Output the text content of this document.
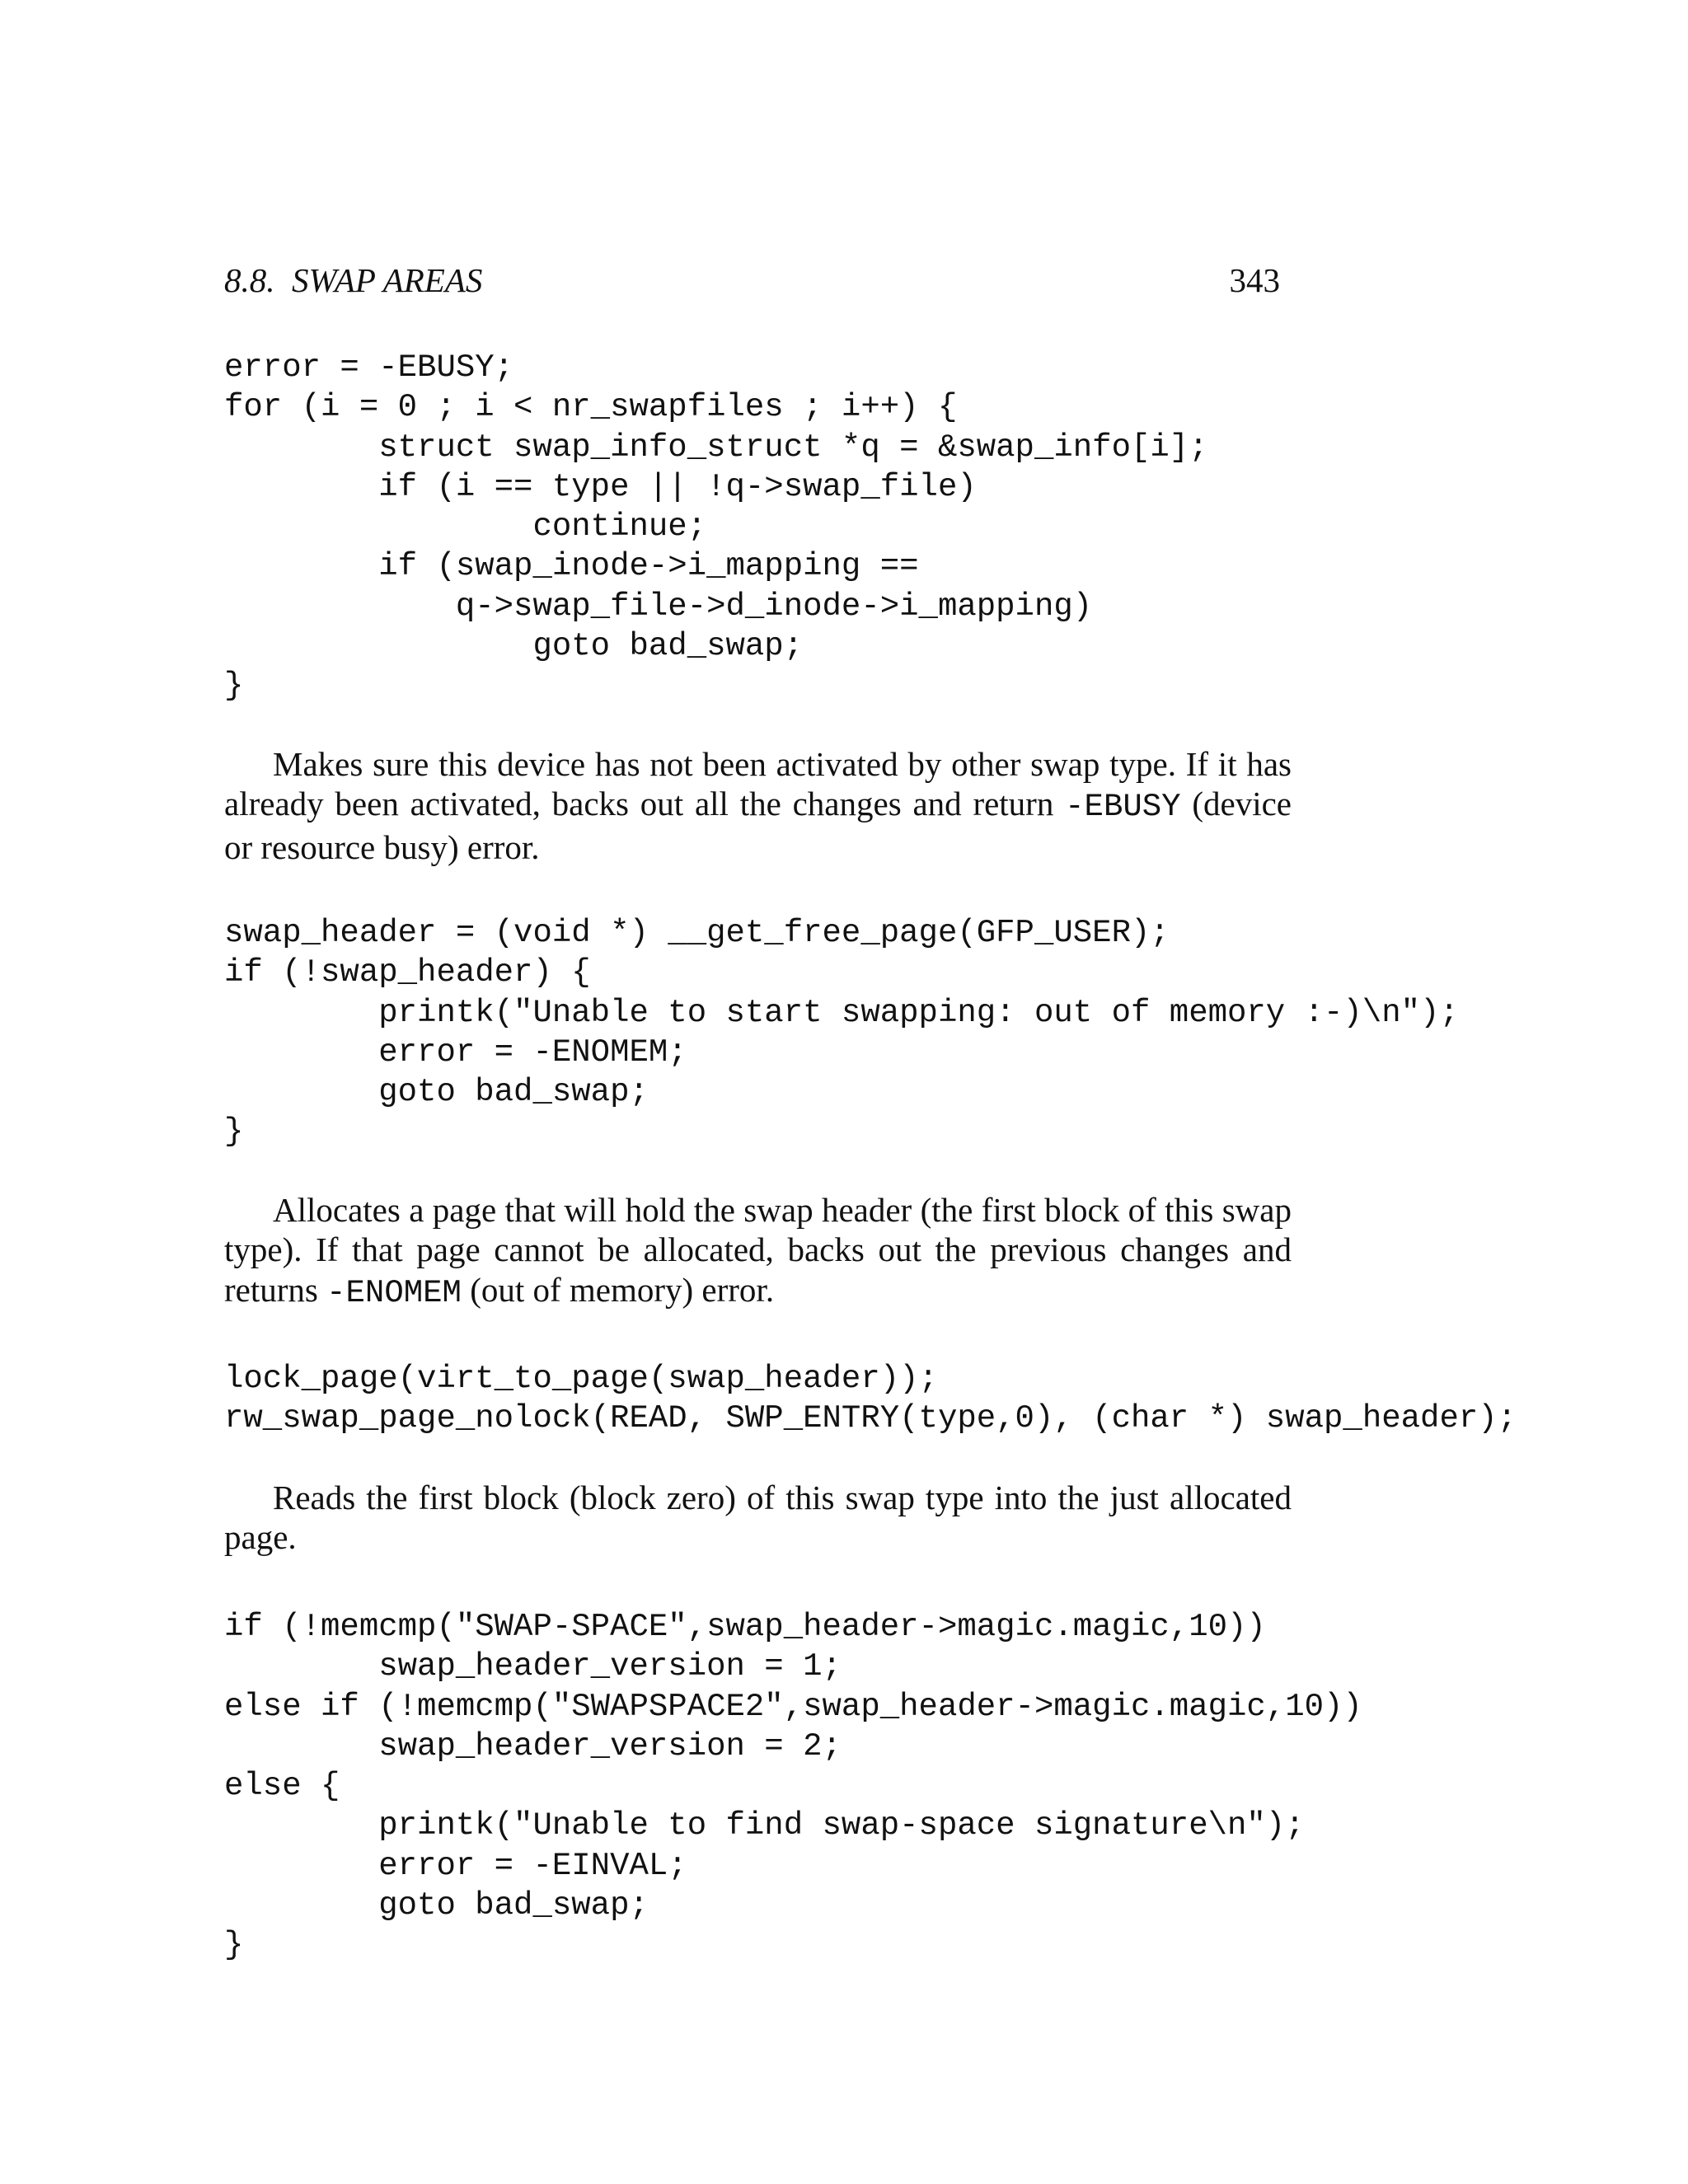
8.8.  SWAP AREAS	343
error = -EBUSY;
for (i = 0 ; i < nr_swapfiles ; i++) {
struct swap_info_struct *q = &swap_info[i];
if (i == type || !q->swap_file)
continue;
if (swap_inode->i_mapping ==
q->swap_file->d_inode->i_mapping)
goto bad_swap;
}

Makes sure this device has not been activated by other swap type. If it has already been activated, backs out all the changes and return -EBUSY (device or resource busy) error.

swap_header = (void *) __get_free_page(GFP_USER);
if (!swap_header) {
printk("Unable to start swapping: out of memory :-)\n");
error = -ENOMEM;
goto bad_swap;
}

Allocates a page that will hold the swap header (the first block of this swap type). If that page cannot be allocated, backs out the previous changes and returns -ENOMEM (out of memory) error.

lock_page(virt_to_page(swap_header));
rw_swap_page_nolock(READ, SWP_ENTRY(type,0), (char *) swap_header);

Reads the first block (block zero) of this swap type into the just allocated page.

if (!memcmp("SWAP-SPACE",swap_header->magic.magic,10))
swap_header_version = 1;
else if (!memcmp("SWAPSPACE2",swap_header->magic.magic,10))
swap_header_version = 2;
else {
printk("Unable to find swap-space signature\n");
error = -EINVAL;
goto bad_swap;
}
